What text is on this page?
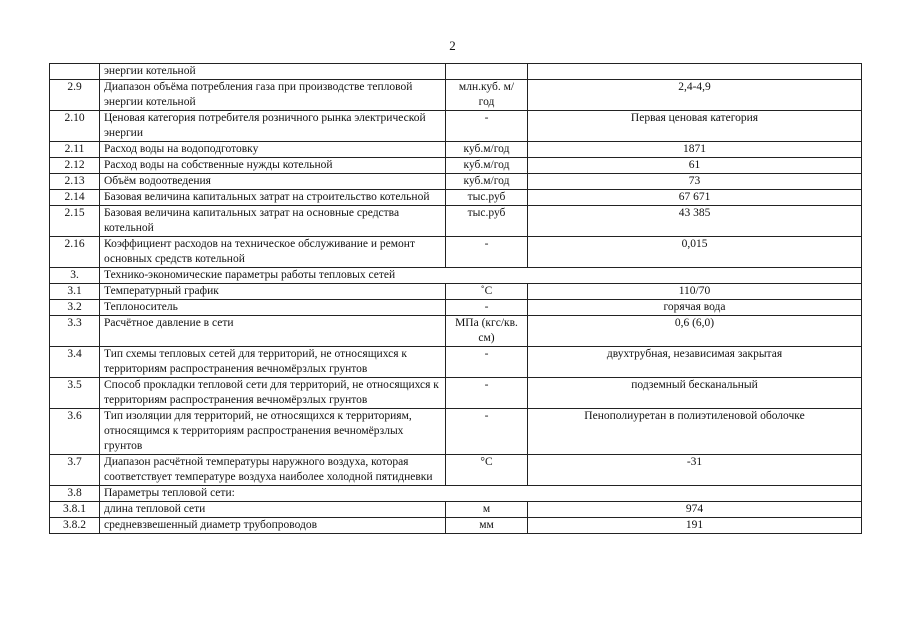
2
	энергии котельной		
2.9	Диапазон объёма потребления газа при производстве тепловой энергии котельной	млн.куб. м/ год	2,4-4,9
2.10	Ценовая категория потребителя розничного рынка электрической энергии	-	Первая ценовая категория
2.11	Расход воды на водоподготовку	куб.м/год	1871
2.12	Расход воды на собственные нужды котельной	куб.м/год	61
2.13	Объём водоотведения	куб.м/год	73
2.14	Базовая величина капитальных затрат на строительство котельной	тыс.руб	67 671
2.15	Базовая величина капитальных затрат на основные средства котельной	тыс.руб	43 385
2.16	Коэффициент расходов на техническое обслуживание и ремонт основных средств котельной	-	0,015
3.	Технико-экономические параметры работы тепловых сетей		
3.1	Температурный график	˚С	110/70
3.2	Теплоноситель	-	горячая вода
3.3	Расчётное давление в сети	МПа (кгс/кв. см)	0,6 (6,0)
3.4	Тип схемы тепловых сетей для территорий, не относящихся к территориям распространения вечномёрзлых грунтов	-	двухтрубная, независимая закрытая
3.5	Способ прокладки тепловой сети для территорий, не относящихся к территориям распространения вечномёрзлых грунтов	-	подземный бесканальный
3.6	Тип изоляции для территорий, не относящихся к территориям, относящимся к территориям распространения вечномёрзлых грунтов	-	Пенополиуретан в полиэтиленовой оболочке
3.7	Диапазон расчётной температуры наружного воздуха, которая соответствует температуре воздуха наиболее холодной пятидневки	°С	-31
3.8	Параметры тепловой сети:		
3.8.1	длина тепловой сети	м	974
3.8.2	средневзвешенный диаметр трубопроводов	мм	191
